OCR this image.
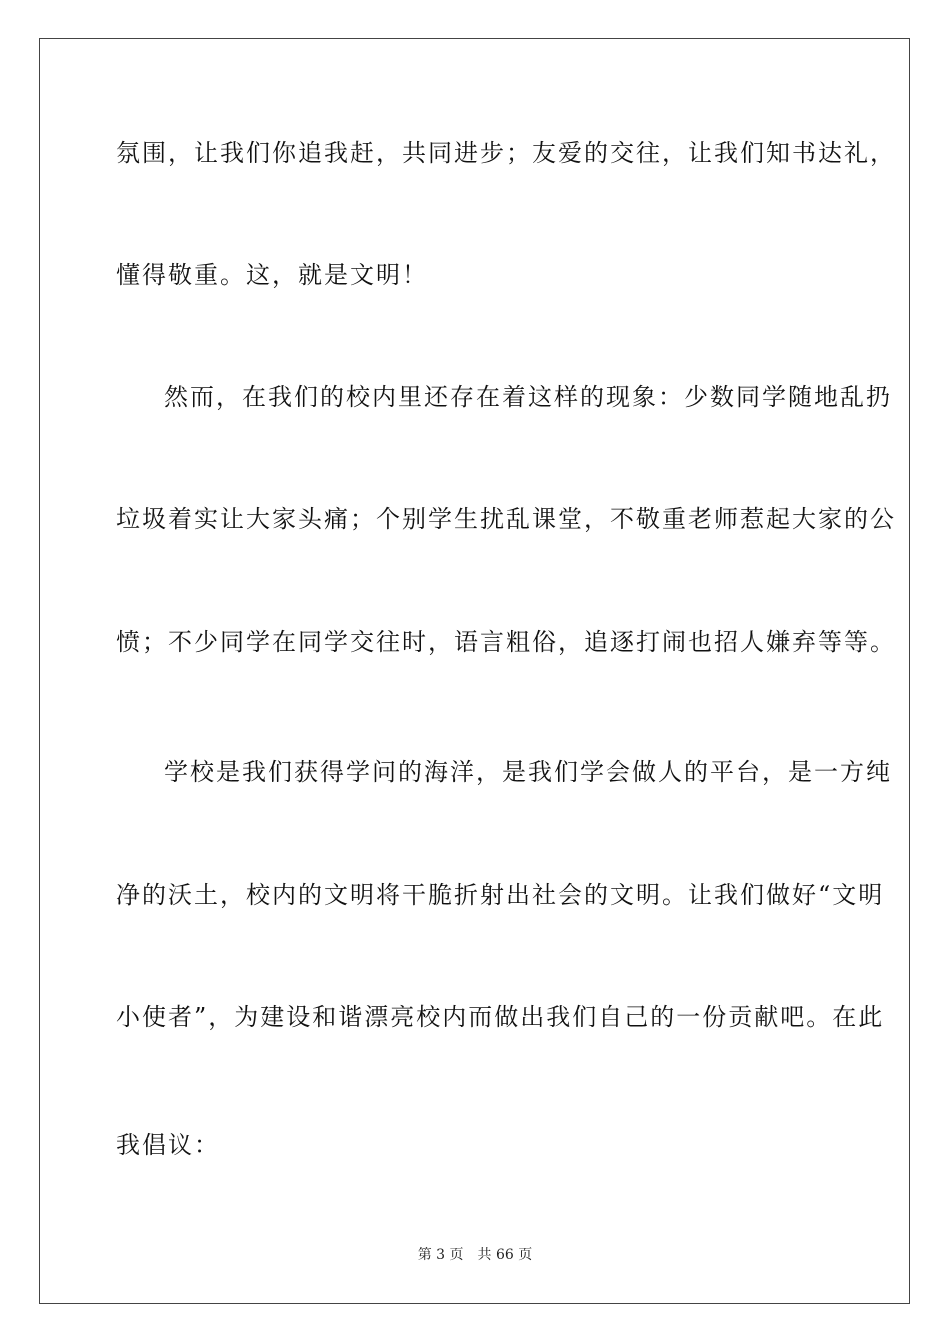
氛围，让我们你追我赶，共同进步；友爱的交往，让我们知书达礼，
懂得敬重。这，就是文明！
然而，在我们的校内里还存在着这样的现象：少数同学随地乱扔
垃圾着实让大家头痛；个别学生扰乱课堂，不敬重老师惹起大家的公
愤；不少同学在同学交往时，语言粗俗，追逐打闹也招人嫌弃等等。
学校是我们获得学问的海洋，是我们学会做人的平台，是一方纯
净的沃土，校内的文明将干脆折射出社会的文明。让我们做好“文明
小使者”，为建设和谐漂亮校内而做出我们自己的一份贡献吧。在此
我倡议：
第 3 页 共 66 页
